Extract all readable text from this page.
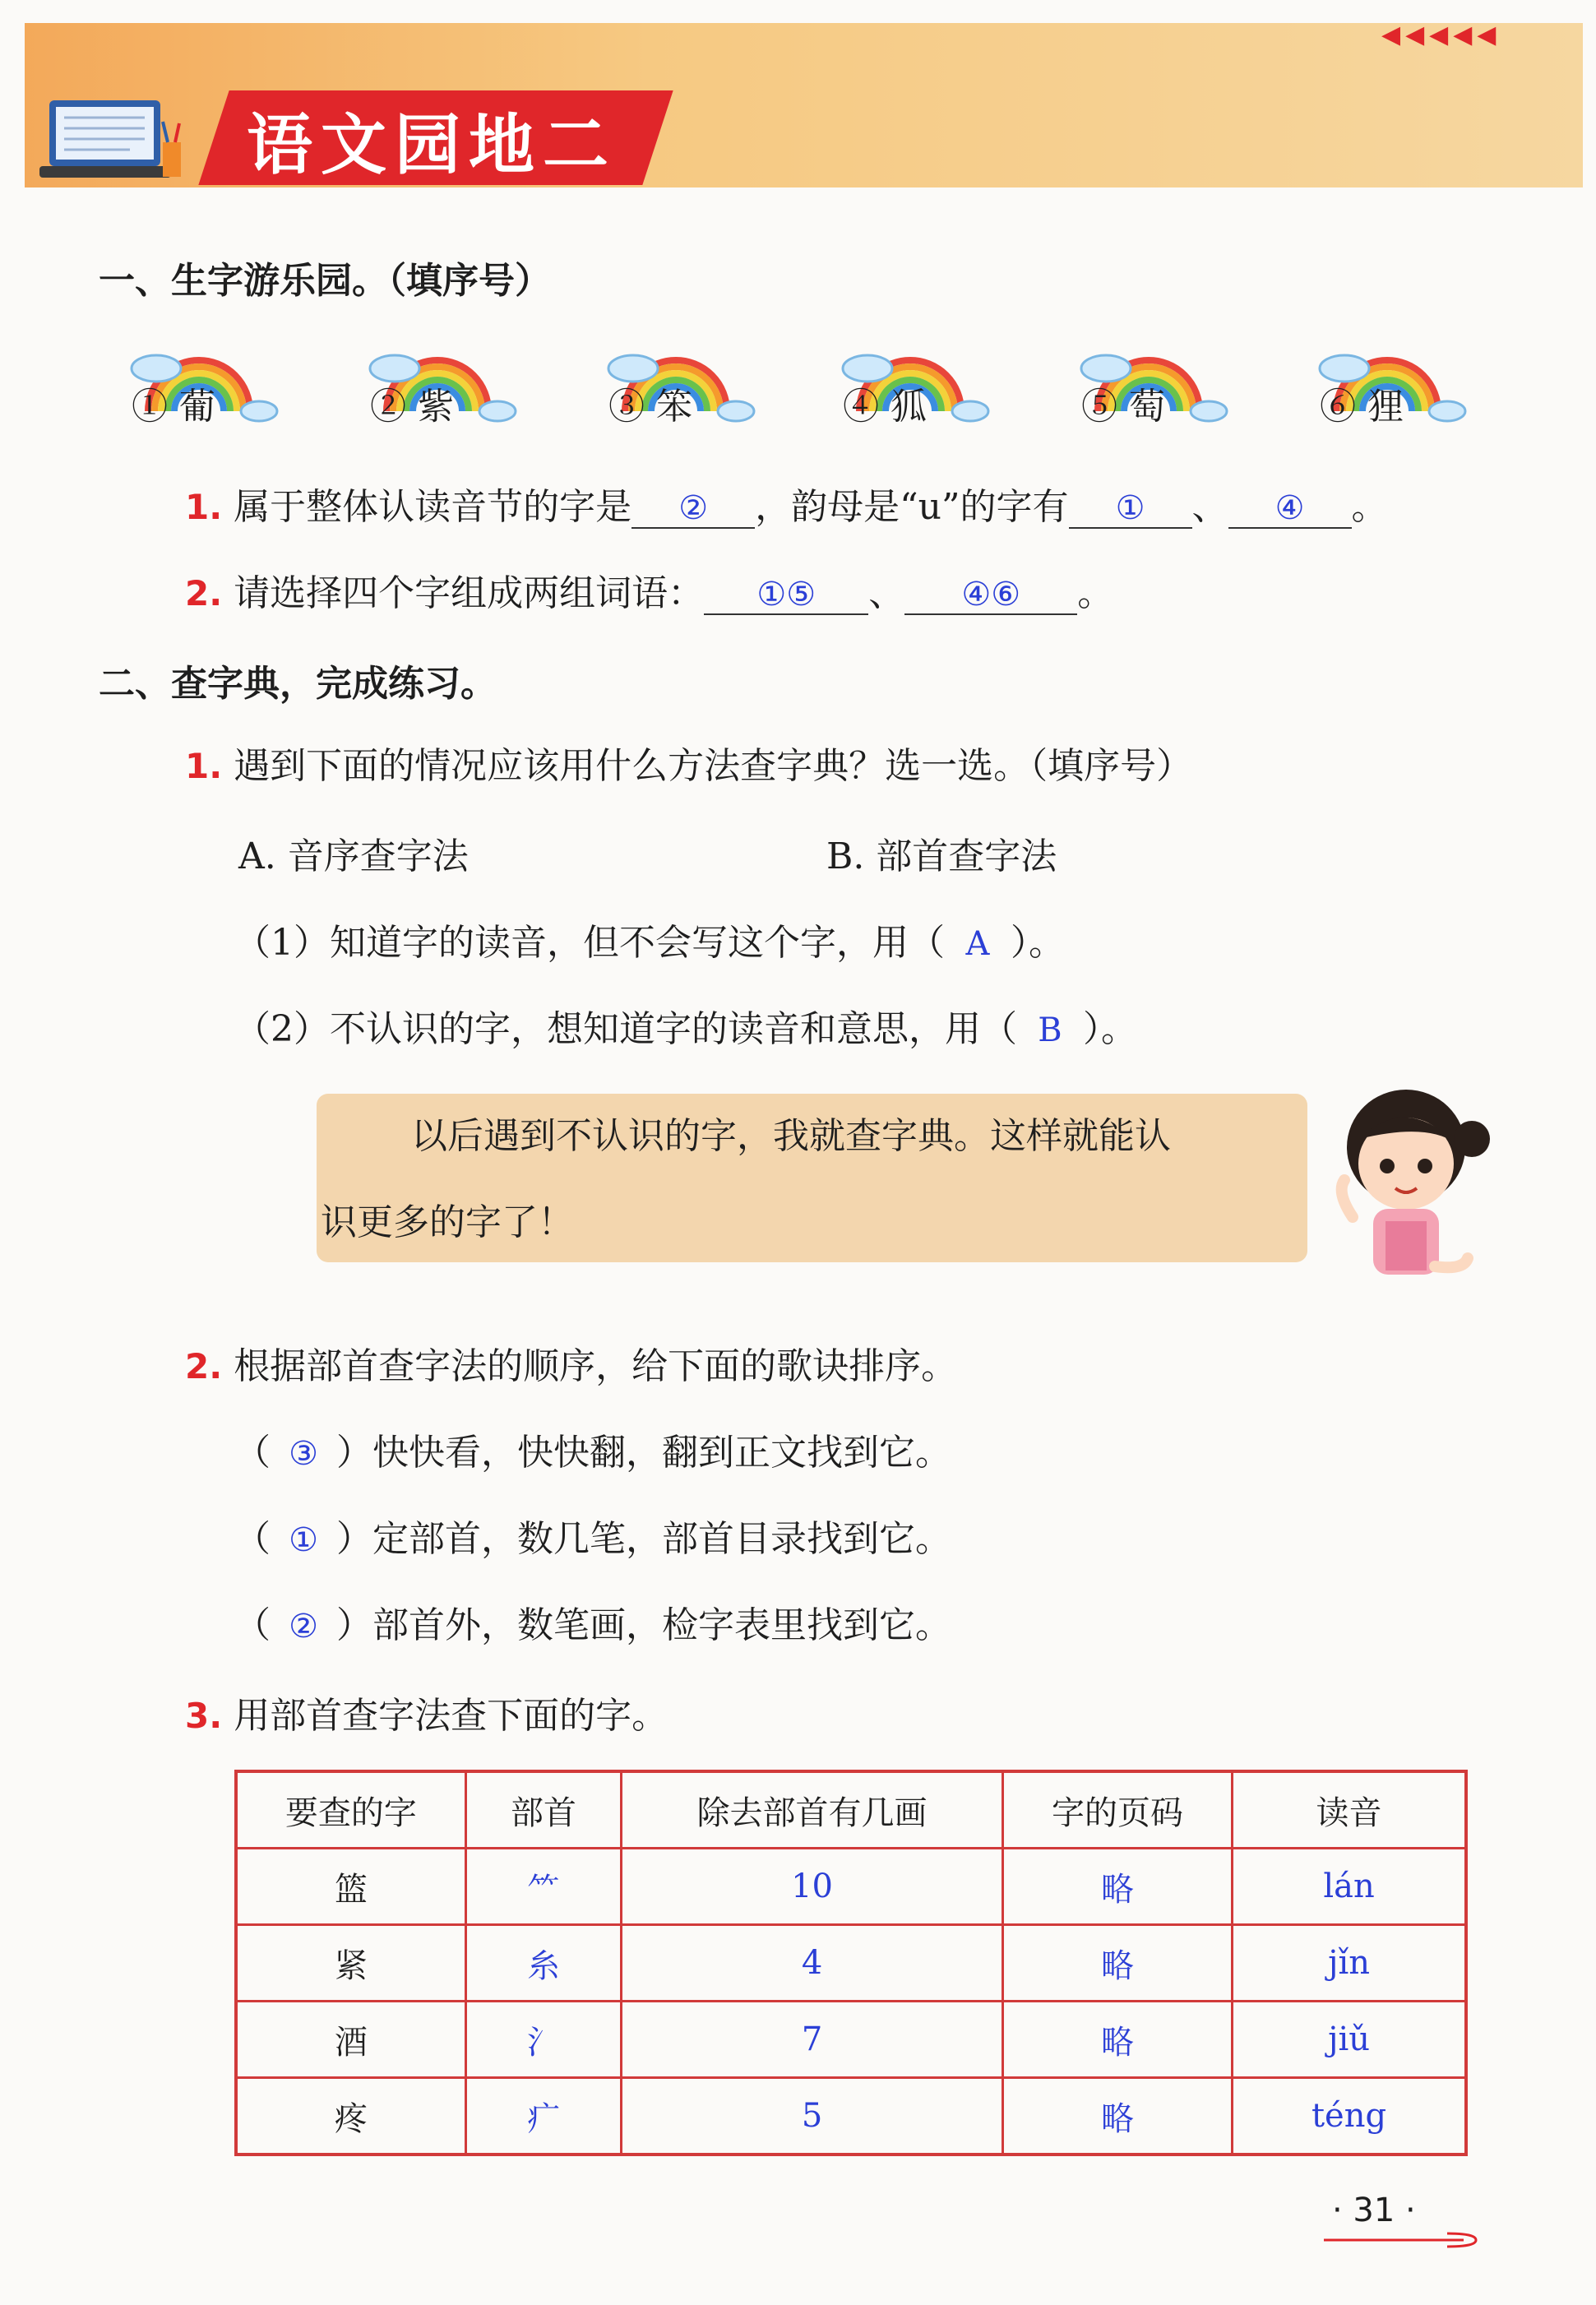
◀◀◀◀◀
语文园地二
一、生字游乐园。（填序号）
① 葡	② 紫	③ 笨	④ 狐	⑤ 萄	⑥ 狸
1. 属于整体认读音节的字是 ② ，韵母是“u”的字有 ① 、 ④ 。
2. 请选择四个字组成两组词语： ①⑤ 、 ④⑥ 。
二、查字典，完成练习。
1. 遇到下面的情况应该用什么方法查字典？选一选。（填序号）
A. 音序查字法	B. 部首查字法
（1）知道字的读音，但不会写这个字，用（ A ）。
（2）不认识的字，想知道字的读音和意思，用（ B ）。
以后遇到不认识的字，我就查字典。这样就能认
识更多的字了！
2. 根据部首查字法的顺序，给下面的歌诀排序。
（ ③ ）快快看，快快翻，翻到正文找到它。
（ ① ）定部首，数几笔，部首目录找到它。
（ ② ）部首外，数笔画，检字表里找到它。
3. 用部首查字法查下面的字。
要查的字	部首	除去部首有几画	字的页码	读音
篮	⺮	10	略	lán
紧	糸	4	略	jǐn
酒	氵	7	略	jiǔ
疼	疒	5	略	téng
· 31 ·
